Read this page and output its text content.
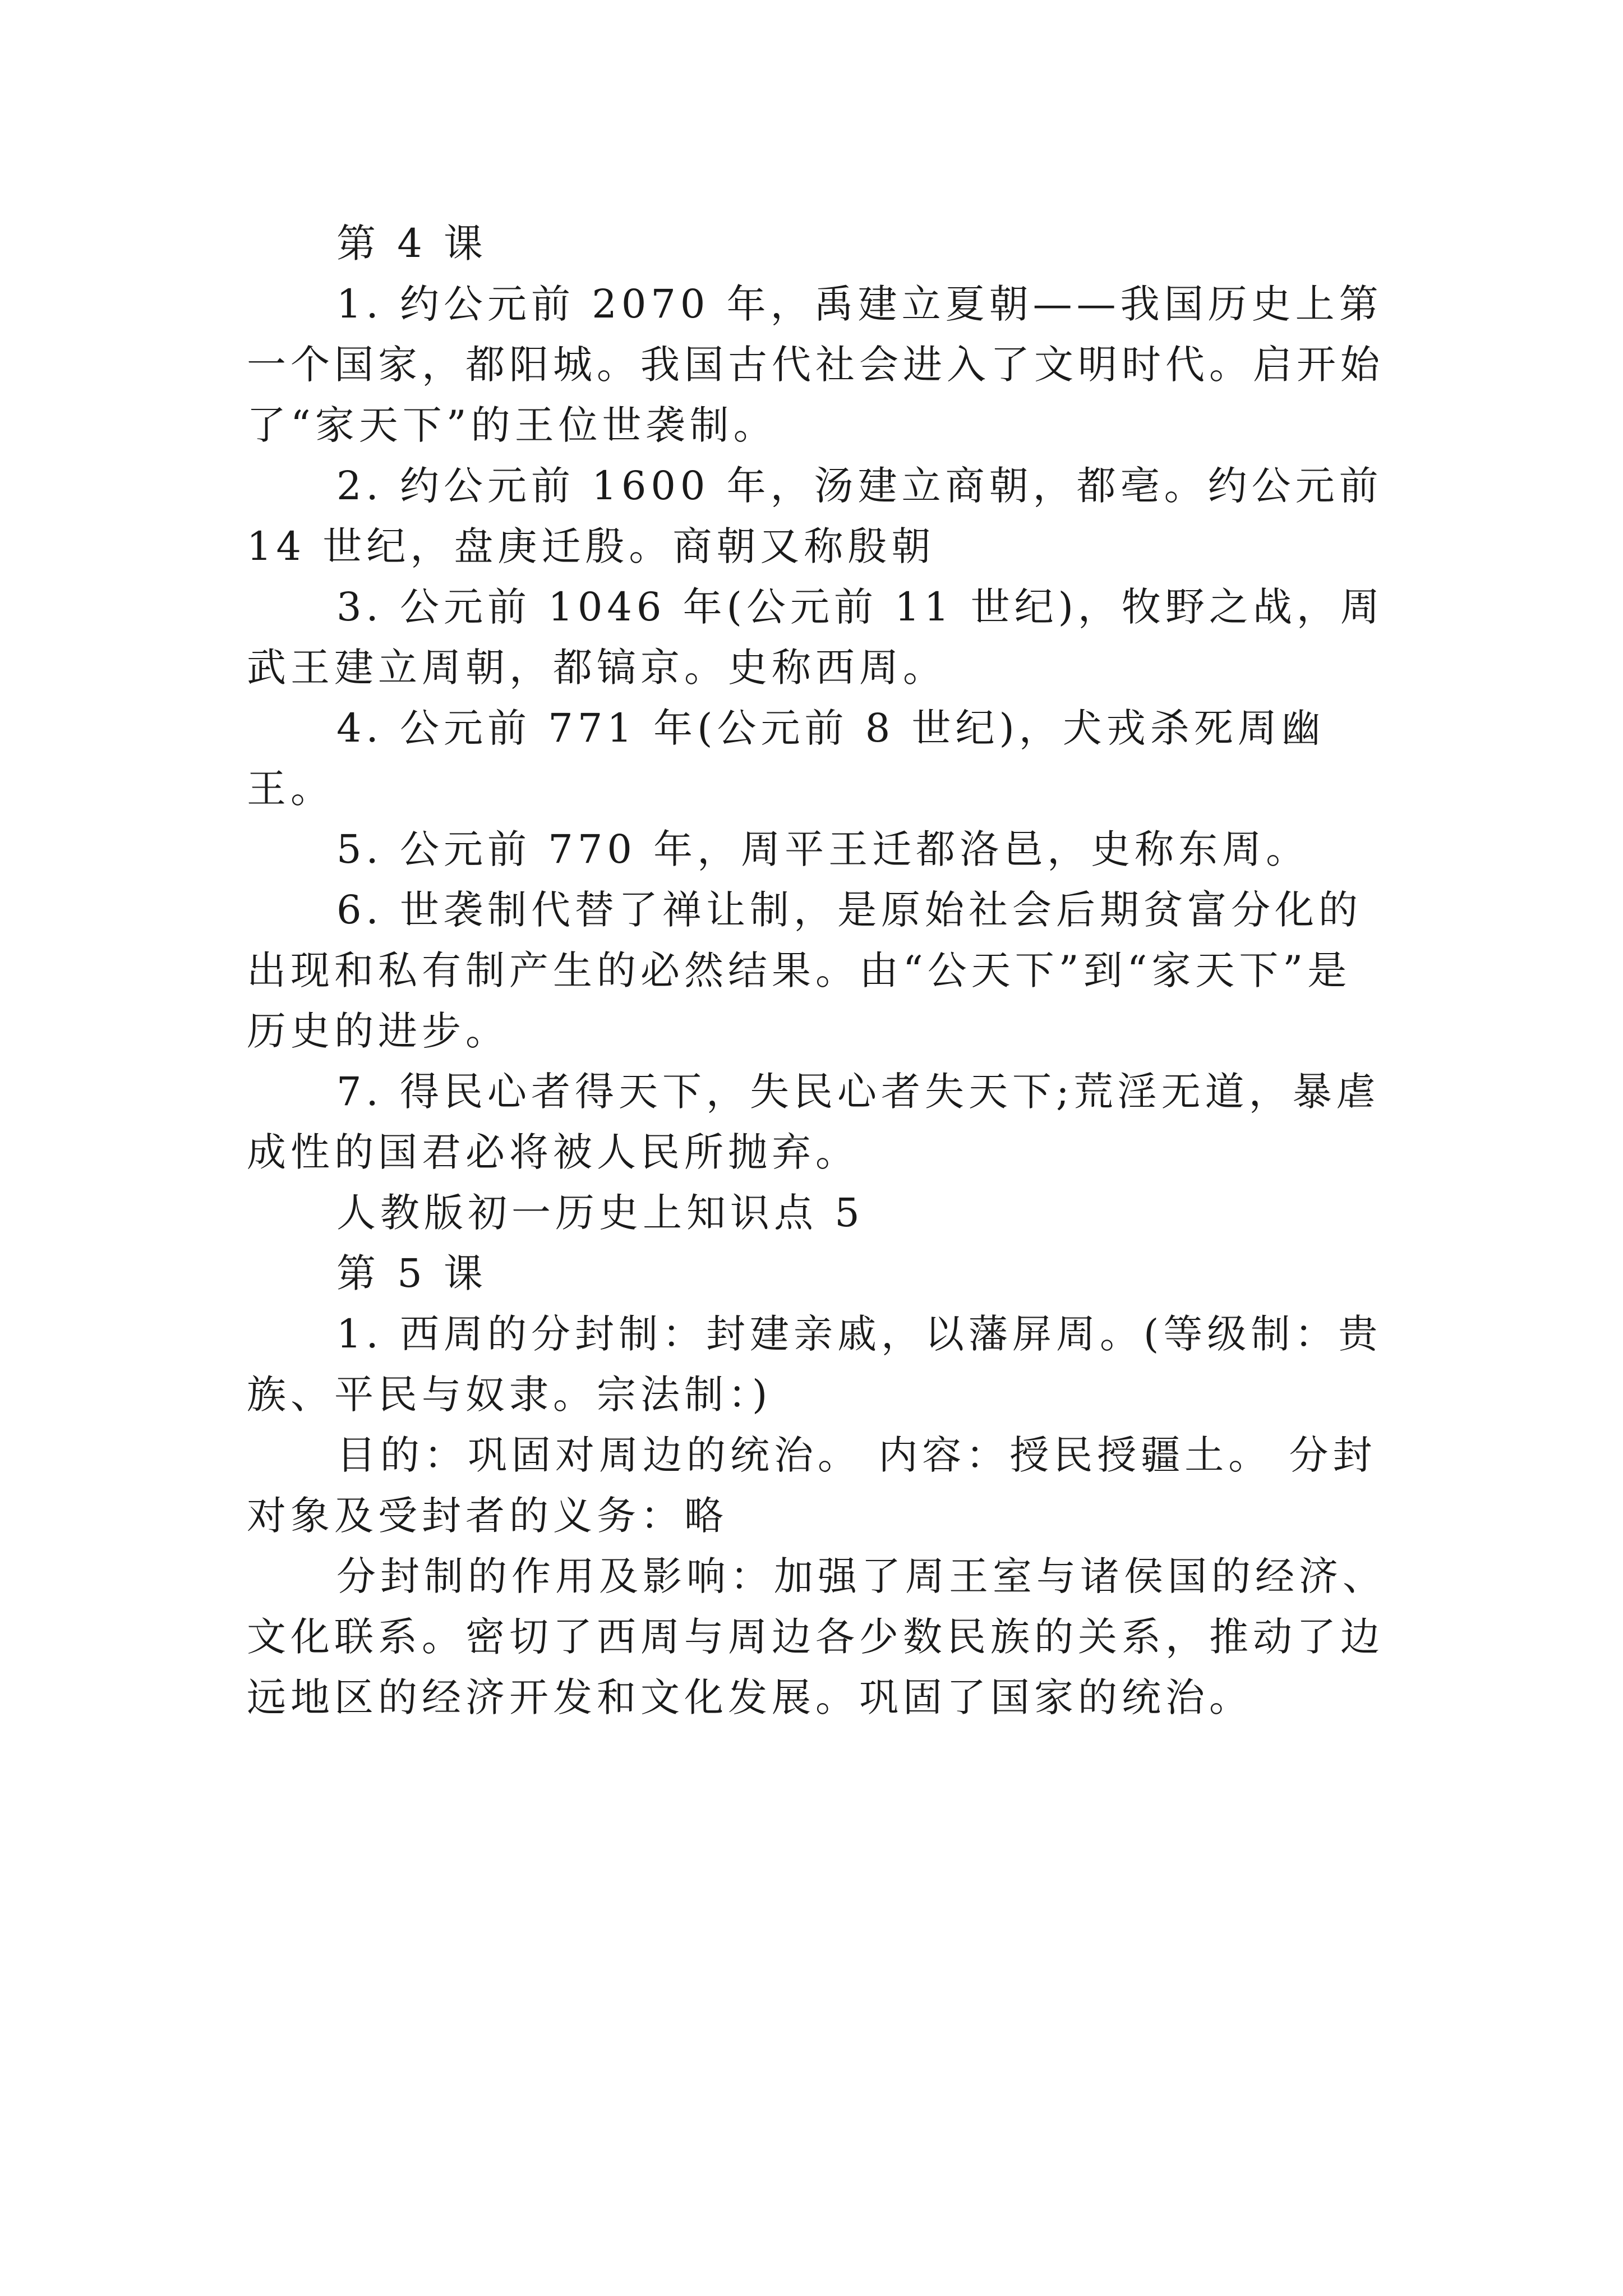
第 4 课

1. 约公元前 2070 年，禹建立夏朝——我国历史上第一个国家，都阳城。我国古代社会进入了文明时代。启开始了“家天下”的王位世袭制。

2. 约公元前 1600 年，汤建立商朝，都亳。约公元前 14 世纪，盘庚迁殷。商朝又称殷朝

3. 公元前 1046 年(公元前 11 世纪)，牧野之战，周武王建立周朝，都镐京。史称西周。

4. 公元前 771 年(公元前 8 世纪)，犬戎杀死周幽王。

5. 公元前 770 年，周平王迁都洛邑，史称东周。

6. 世袭制代替了禅让制，是原始社会后期贫富分化的出现和私有制产生的必然结果。由“公天下”到“家天下”是历史的进步。

7. 得民心者得天下，失民心者失天下;荒淫无道，暴虐成性的国君必将被人民所抛弃。

人教版初一历史上知识点 5

第 5 课

1. 西周的分封制：封建亲戚，以藩屏周。(等级制：贵族、平民与奴隶。宗法制：)

目的：巩固对周边的统治。 内容：授民授疆土。 分封对象及受封者的义务：略

分封制的作用及影响：加强了周王室与诸侯国的经济、文化联系。密切了西周与周边各少数民族的关系，推动了边远地区的经济开发和文化发展。巩固了国家的统治。
